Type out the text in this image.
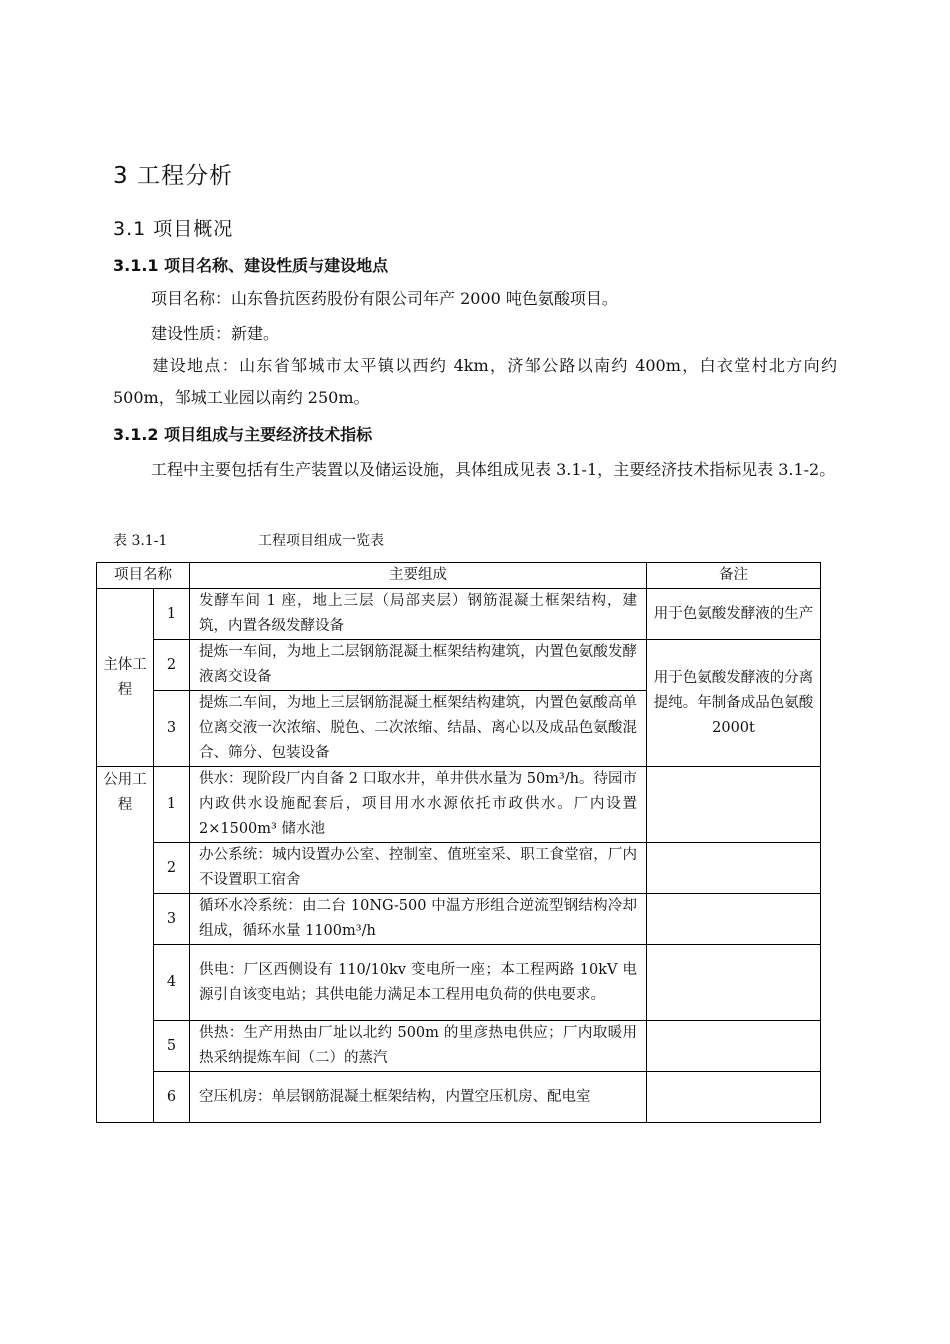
3 工程分析
3.1 项目概况
3.1.1 项目名称、建设性质与建设地点

项目名称：山东鲁抗医药股份有限公司年产 2000 吨色氨酸项目。

建设性质：新建。

建设地点：山东省邹城市太平镇以西约 4km，济邹公路以南约 400m，白衣堂村北方向约 500m，邹城工业园以南约 250m。

3.1.2 项目组成与主要经济技术指标

工程中主要包括有生产装置以及储运设施，具体组成见表 3.1-1，主要经济技术指标见表 3.1-2。

表 3.1-1	工程项目组成一览表
项目名称		主要组成	备注
主体工程	1	发酵车间 1 座，地上三层（局部夹层）钢筋混凝土框架结构，建筑，内置各级发酵设备	用于色氨酸发酵液的生产
	2	提炼一车间，为地上二层钢筋混凝土框架结构建筑，内置色氨酸发酵液离交设备	用于色氨酸发酵液的分离提纯。年制备成品色氨酸 2000t
	3	提炼二车间，为地上三层钢筋混凝土框架结构建筑，内置色氨酸高单位离交液一次浓缩、脱色、二次浓缩、结晶、离心以及成品色氨酸混合、筛分、包装设备	
公用工程	1	供水：现阶段厂内自备 2 口取水井，单井供水量为 50m³/h。待园市内政供水设施配套后，项目用水水源依托市政供水。厂内设置 2×1500m³ 储水池	
	2	办公系统：城内设置办公室、控制室、值班室采、职工食堂宿，厂内不设置职工宿舍	
	3	循环水冷系统：由二台 10NG-500 中温方形组合逆流型钢结构冷却组成，循环水量 1100m³/h	
	4	供电：厂区西侧设有 110/10kv 变电所一座；本工程两路 10kV 电源引自该变电站；其供电能力满足本工程用电负荷的供电要求。	
	5	供热：生产用热由厂址以北约 500m 的里彦热电供应；厂内取暖用热采纳提炼车间（二）的蒸汽	
	6	空压机房：单层钢筋混凝土框架结构，内置空压机房、配电室	
